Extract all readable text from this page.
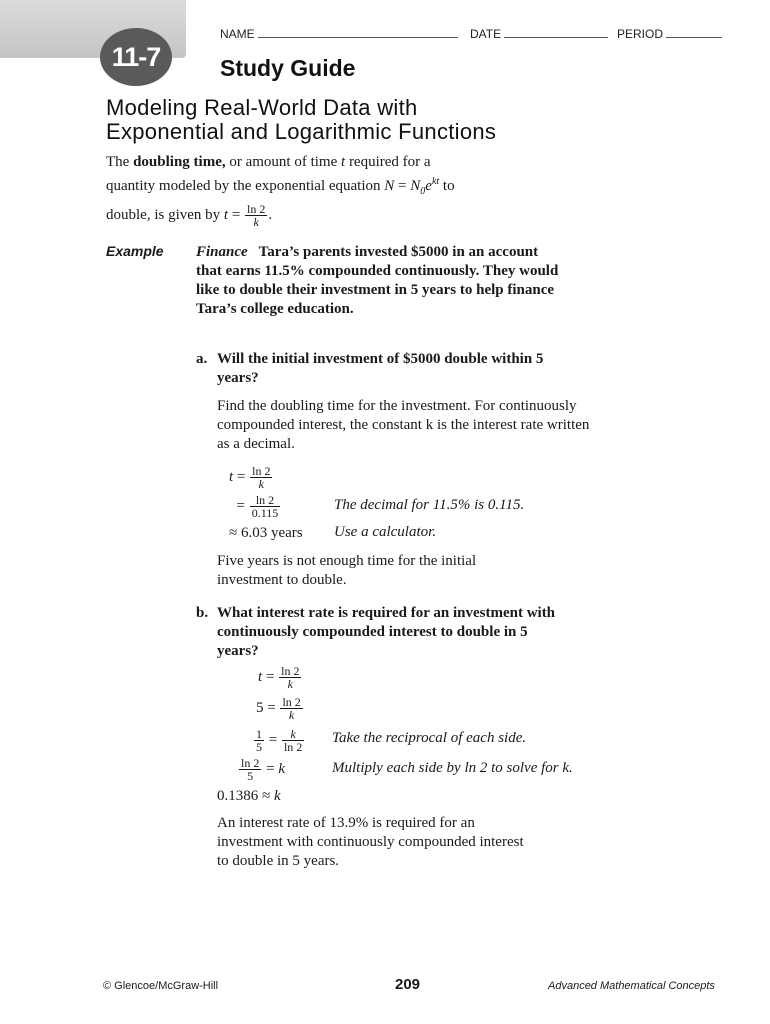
11-7
NAME	DATE	PERIOD
Study Guide
Modeling Real-World Data with
Exponential and Logarithmic Functions
The doubling time, or amount of time t required for a
quantity modeled by the exponential equation $N = N_0e^{kt}$ to
double, is given by $t = \frac{\ln 2}{k}$ .
Example Finance Tara’s parents invested $5000 in an account that earns 11.5% compounded continuously. They would like to double their investment in 5 years to help finance Tara’s college education.
a. Will the initial investment of $5000 double within 5 years?
Find the doubling time for the investment. For continuously compounded interest, the constant k is the interest rate written as a decimal.
$t = \frac{\ln 2}{k}$
= $\frac{\ln 2}{0.115}$	The decimal for 11.5% is 0.115.
≈ 6.03 years Use a calculator.
Five years is not enough time for the initial investment to double.
b. What interest rate is required for an investment with continuously compounded interest to double in 5 years?
$t = \frac{\ln 2}{k}$
$5 = \frac{\ln 2}{k}$
$\frac{1}{5} = \frac{k}{\ln 2}$ Take the reciprocal of each side.
$\frac{\ln 2}{5} = k$	Multiply each side by ln 2 to solve for k.
0.1386 ≈ k
An interest rate of 13.9% is required for an investment with continuously compounded interest to double in 5 years.
© Glencoe/McGraw-Hill	209	Advanced Mathematical Concepts
